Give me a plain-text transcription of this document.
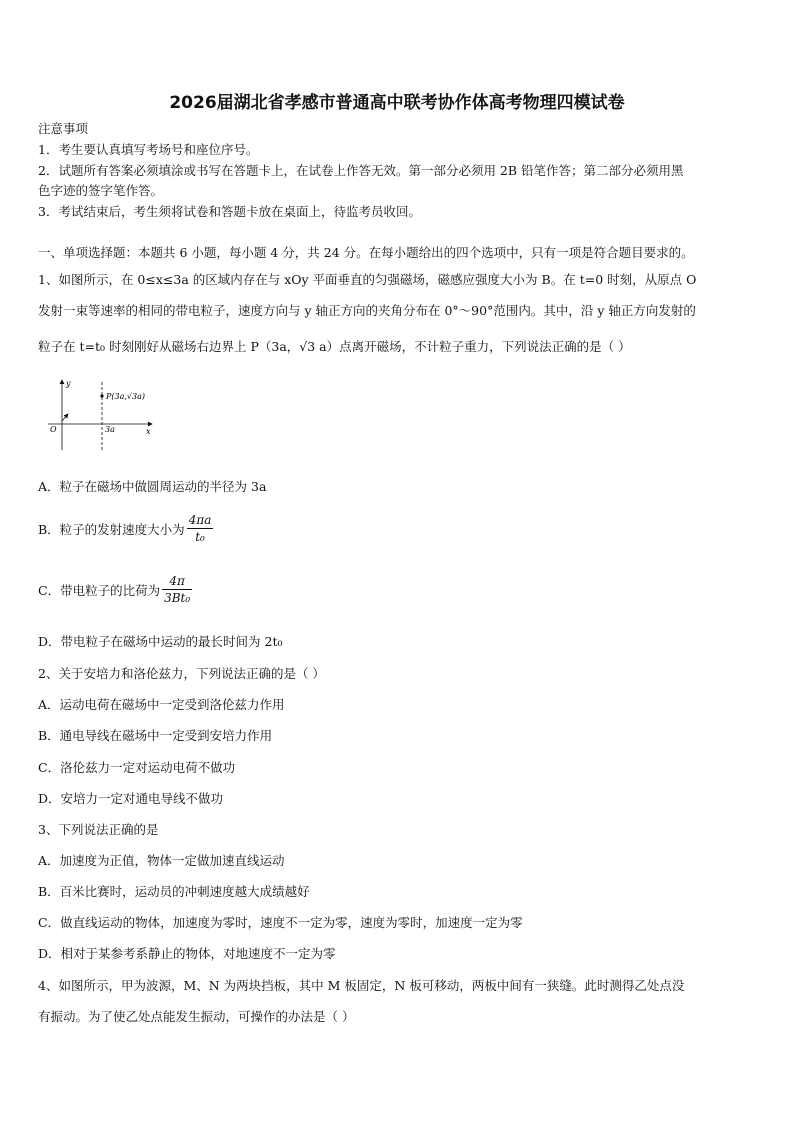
2026届湖北省孝感市普通高中联考协作体高考物理四模试卷
注意事项
1．考生要认真填写考场号和座位序号。
2．试题所有答案必须填涂或书写在答题卡上，在试卷上作答无效。第一部分必须用 2B 铅笔作答；第二部分必须用黑
色字迹的签字笔作答。
3．考试结束后，考生须将试卷和答题卡放在桌面上，待监考员收回。
一、单项选择题：本题共 6 小题，每小题 4 分，共 24 分。在每小题给出的四个选项中，只有一项是符合题目要求的。
1、如图所示，在 0≤x≤3a 的区域内存在与 xOy 平面垂直的匀强磁场，磁感应强度大小为 B。在 t=0 时刻，从原点 O
发射一束等速率的相同的带电粒子，速度方向与 y 轴正方向的夹角分布在 0°～90°范围内。其中，沿 y 轴正方向发射的
粒子在 t=t₀ 时刻刚好从磁场右边界上 P（3a，√3 a）点离开磁场，不计粒子重力，下列说法正确的是（ ）
y
x
O	3a
P(3a,√3a)
A．粒子在磁场中做圆周运动的半径为 3a
B．粒子的发射速度大小为 $\frac{4\pi a}{\text{t₀}}$
C．带电粒子的比荷为 $\frac{4\pi}{\text{3Bt₀}}$
D．带电粒子在磁场中运动的最长时间为 2t₀
2、关于安培力和洛伦兹力，下列说法正确的是（ ）
A．运动电荷在磁场中一定受到洛伦兹力作用
B．通电导线在磁场中一定受到安培力作用
C．洛伦兹力一定对运动电荷不做功
D．安培力一定对通电导线不做功
3、下列说法正确的是
A．加速度为正值，物体一定做加速直线运动
B．百米比赛时，运动员的冲刺速度越大成绩越好
C．做直线运动的物体，加速度为零时，速度不一定为零，速度为零时，加速度一定为零
D．相对于某参考系静止的物体，对地速度不一定为零
4、如图所示，甲为波源，M、N 为两块挡板，其中 M 板固定，N 板可移动，两板中间有一狭缝。此时测得乙处点没
有振动。为了使乙处点能发生振动，可操作的办法是（ ）
